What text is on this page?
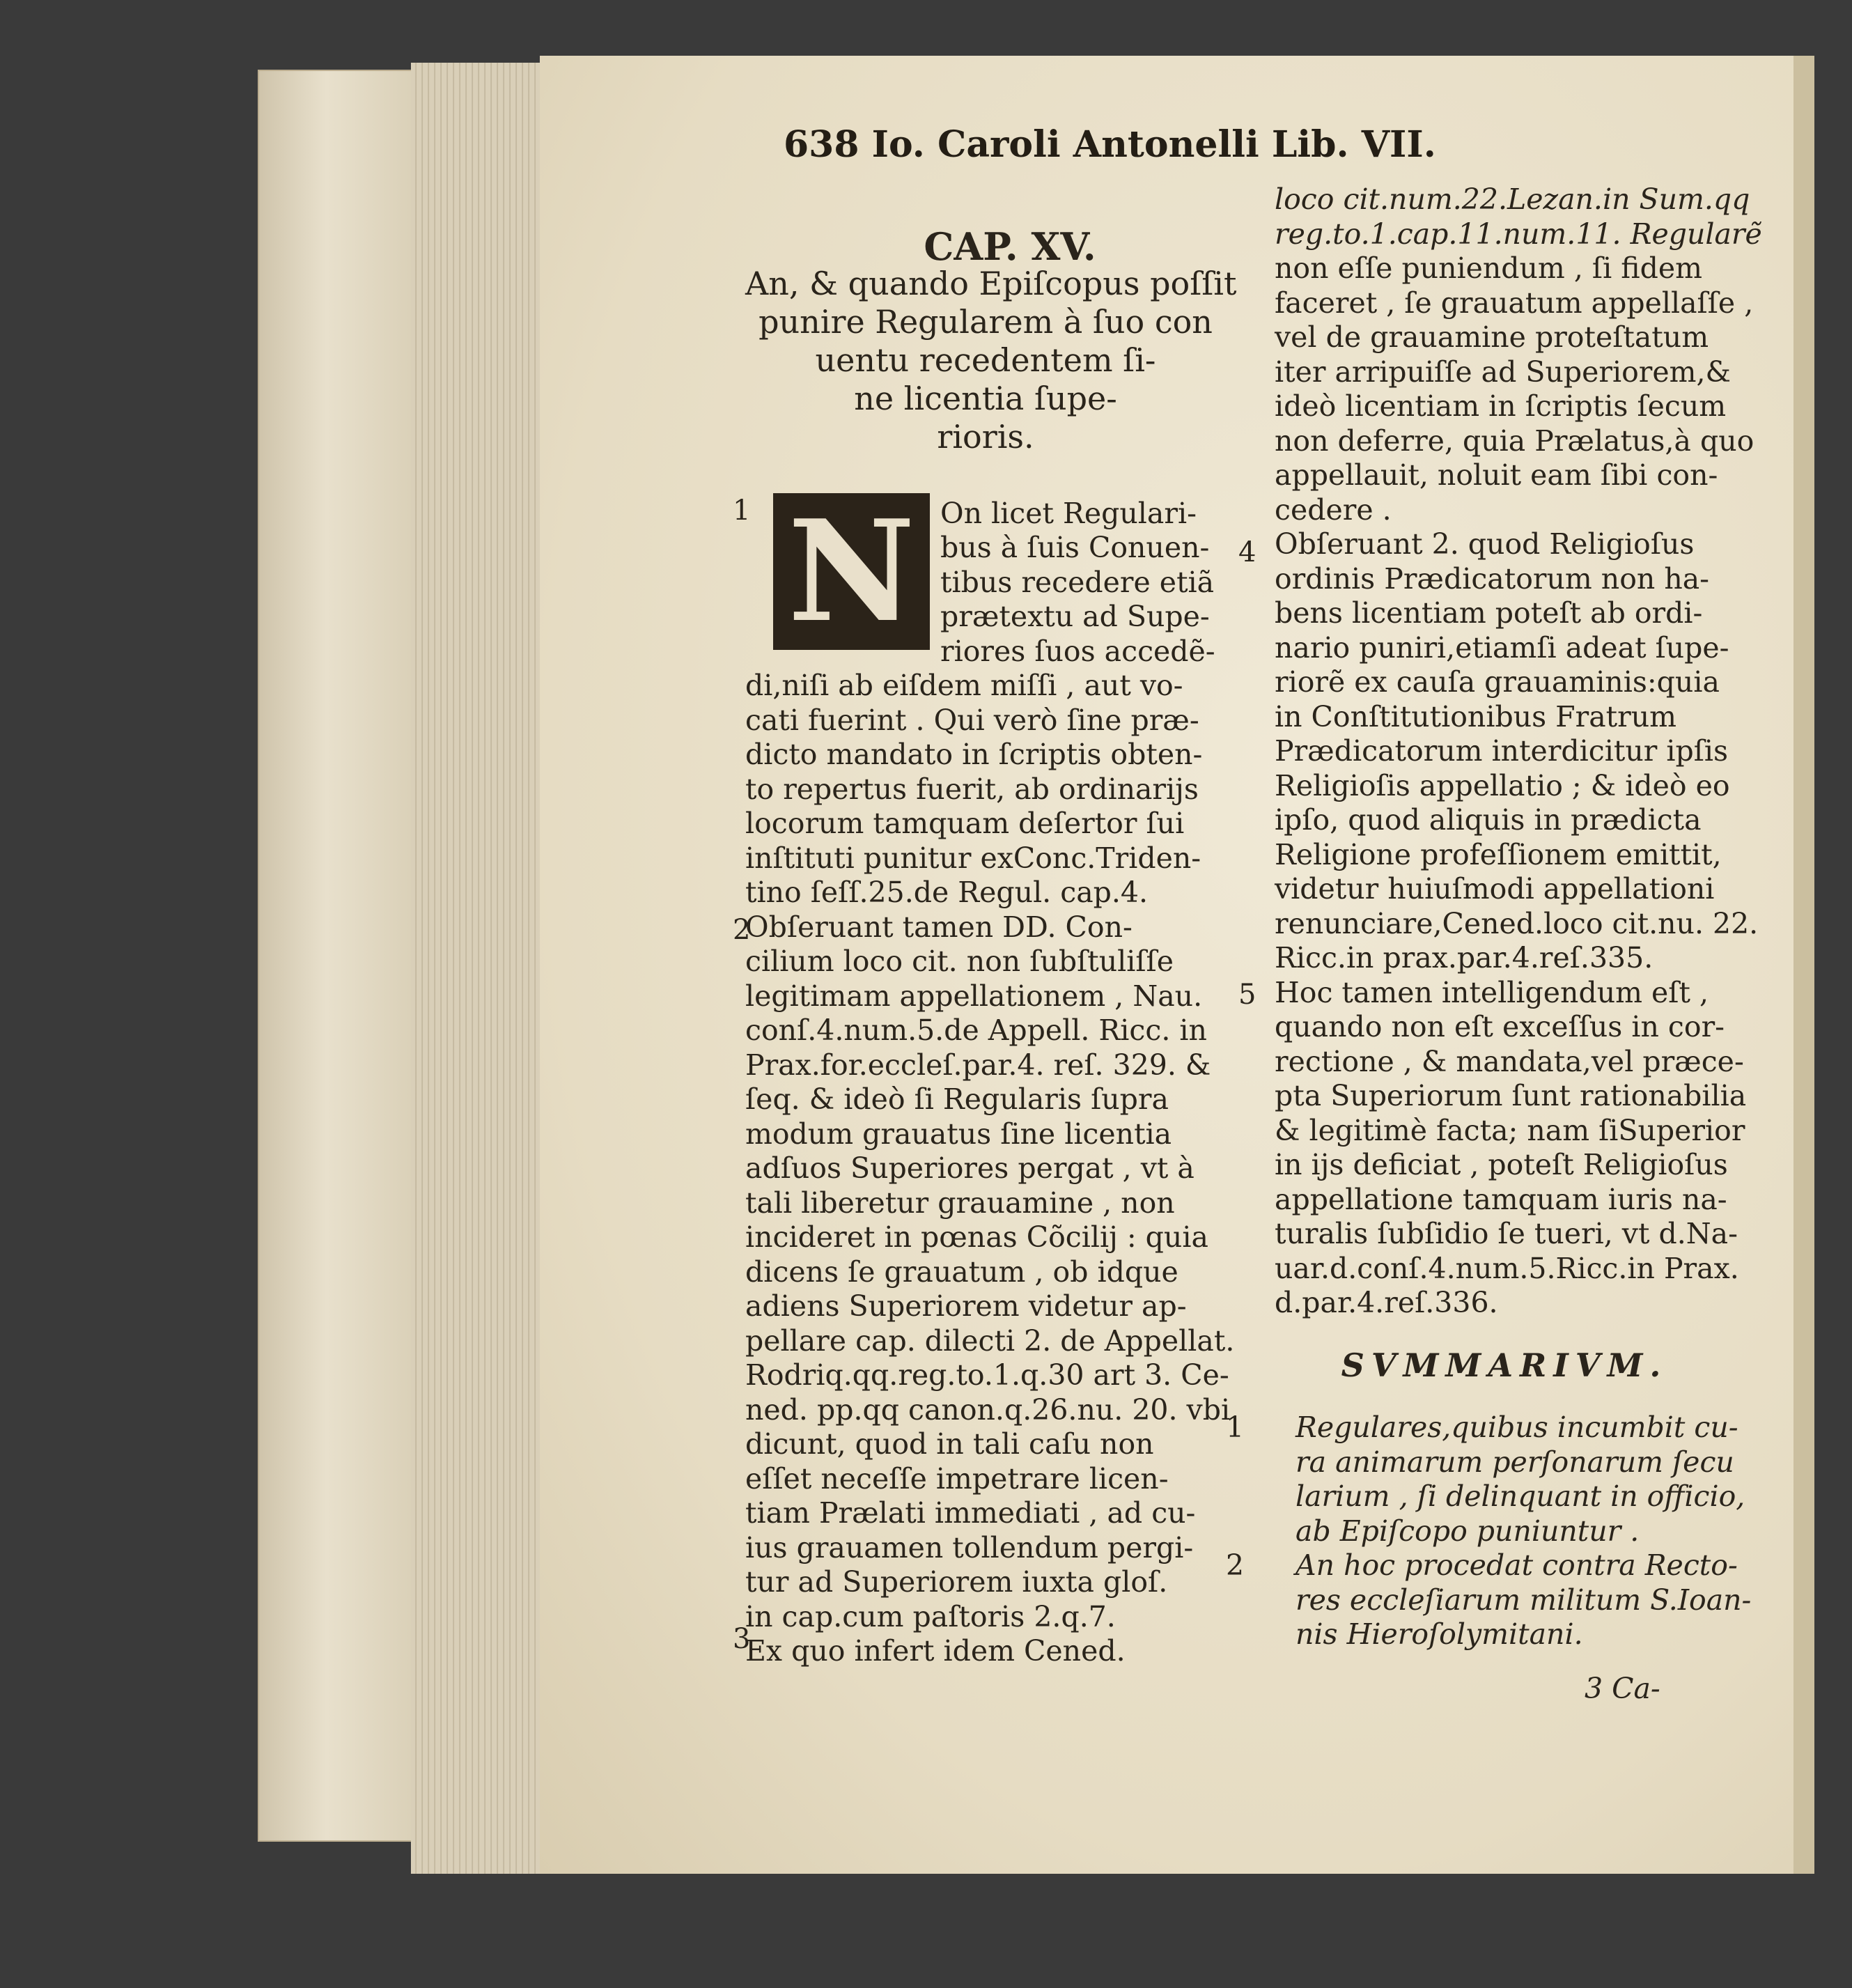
638 Io. Caroli Antonelli Lib. VII.
CAP. XV.
An, & quando Epiſcopus poſſit
punire Regularem à ſuo con
uentu recedentem ſi-
ne licentia ſupe-
rioris.
On licet Regulari-
bus à ſuis Conuen-
tibus recedere etiã
prætextu ad Supe-
riores ſuos accedẽ-
di,niſi ab eiſdem miſſi , aut vo-
cati fuerint . Qui verò ſine præ-
dicto mandato in ſcriptis obten-
to repertus fuerit, ab ordinarijs
locorum tamquam deſertor ſui
inſtituti punitur exConc.Triden-
tino ſeſſ.25.de Regul. cap.4.
Obſeruant tamen DD. Con-
cilium loco cit. non ſubſtuliſſe
legitimam appellationem , Nau.
conſ.4.num.5.de Appell. Ricc. in
Prax.for.eccleſ.par.4. reſ. 329. &
ſeq. & ideò ſi Regularis ſupra
modum grauatus ſine licentia
adſuos Superiores pergat , vt à
tali liberetur grauamine , non
incideret in pœnas Cõcilij : quia
dicens ſe grauatum , ob idque
adiens Superiorem videtur ap-
pellare cap. dilecti 2. de Appellat.
Rodriq.qq.reg.to.1.q.30 art 3. Ce-
ned. pp.qq canon.q.26.nu. 20. vbi
dicunt, quod in tali caſu non
eſſet neceſſe impetrare licen-
tiam Prælati immediati , ad cu-
ius grauamen tollendum pergi-
tur ad Superiorem iuxta gloſ.
in cap.cum paſtoris 2.q.7.
Ex quo infert idem Cened.
N
1
2
3
loco cit.num.22.Lezan.in Sum.qq
reg.to.1.cap.11.num.11. Regularẽ
non eſſe puniendum , ſi fidem
faceret , ſe grauatum appellaſſe ,
vel de grauamine proteſtatum
iter arripuiſſe ad Superiorem,&
ideò licentiam in ſcriptis ſecum
non deferre, quia Prælatus,à quo
appellauit, noluit eam ſibi con-
cedere .
Obſeruant 2. quod Religioſus
ordinis Prædicatorum non ha-
bens licentiam poteſt ab ordi-
nario puniri,etiamſi adeat ſupe-
riorẽ ex cauſa grauaminis:quia
in Conſtitutionibus Fratrum
Prædicatorum interdicitur ipſis
Religioſis appellatio ; & ideò eo
ipſo, quod aliquis in prædicta
Religione profeſſionem emittit,
videtur huiuſmodi appellationi
renunciare,Cened.loco cit.nu. 22.
Ricc.in prax.par.4.reſ.335.
Hoc tamen intelligendum eſt ,
quando non eſt exceſſus in cor-
rectione , & mandata,vel præce-
pta Superiorum ſunt rationabilia
& legitimè facta; nam ſiSuperior
in ijs deficiat , poteſt Religioſus
appellatione tamquam iuris na-
turalis ſubſidio ſe tueri, vt d.Na-
uar.d.conſ.4.num.5.Ricc.in Prax.
d.par.4.reſ.336.
SVMMARIVM.
1	Regulares,quibus incumbit cu-
ra animarum perſonarum ſecu
larium , ſi delinquant in officio,
ab Epiſcopo puniuntur .
2	An hoc procedat contra Recto-
res eccleſiarum militum S.Ioan-
nis Hieroſolymitani.
4
5
3 Ca-
